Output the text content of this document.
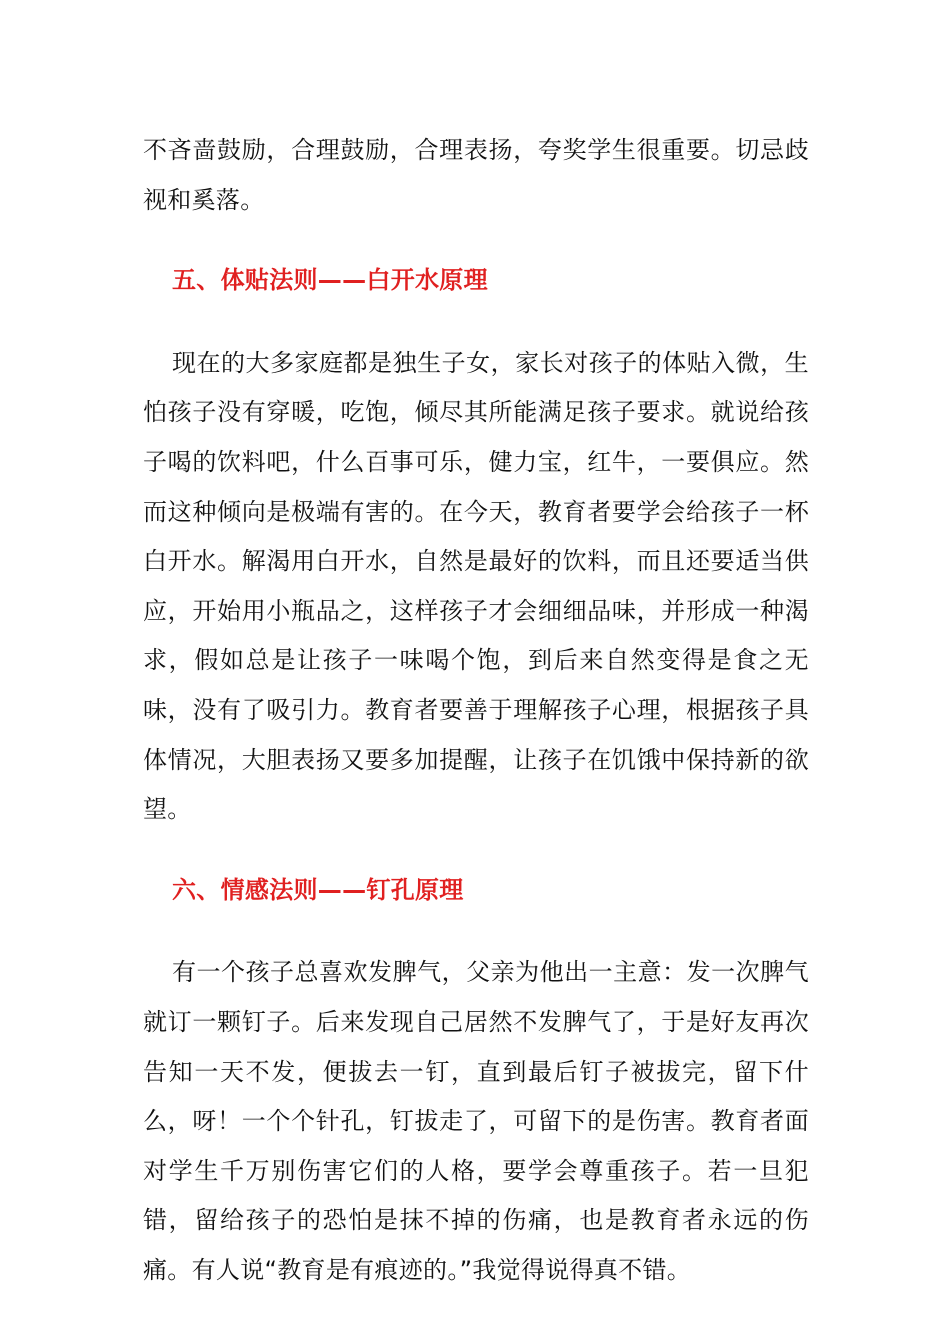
不吝啬鼓励，合理鼓励，合理表扬，夸奖学生很重要。切忌歧视和奚落。

五、体贴法则——白开水原理

现在的大多家庭都是独生子女，家长对孩子的体贴入微，生怕孩子没有穿暖，吃饱，倾尽其所能满足孩子要求。就说给孩子喝的饮料吧，什么百事可乐，健力宝，红牛，一要俱应。然而这种倾向是极端有害的。在今天，教育者要学会给孩子一杯白开水。解渴用白开水，自然是最好的饮料，而且还要适当供应，开始用小瓶品之，这样孩子才会细细品味，并形成一种渴求，假如总是让孩子一味喝个饱，到后来自然变得是食之无味，没有了吸引力。教育者要善于理解孩子心理，根据孩子具体情况，大胆表扬又要多加提醒，让孩子在饥饿中保持新的欲望。

六、情感法则——钉孔原理

有一个孩子总喜欢发脾气，父亲为他出一主意：发一次脾气就订一颗钉子。后来发现自己居然不发脾气了，于是好友再次告知一天不发，便拔去一钉，直到最后钉子被拔完，留下什么，呀！一个个针孔，钉拔走了，可留下的是伤害。教育者面对学生千万别伤害它们的人格，要学会尊重孩子。若一旦犯错，留给孩子的恐怕是抹不掉的伤痛，也是教育者永远的伤痛。有人说“教育是有痕迹的。”我觉得说得真不错。
